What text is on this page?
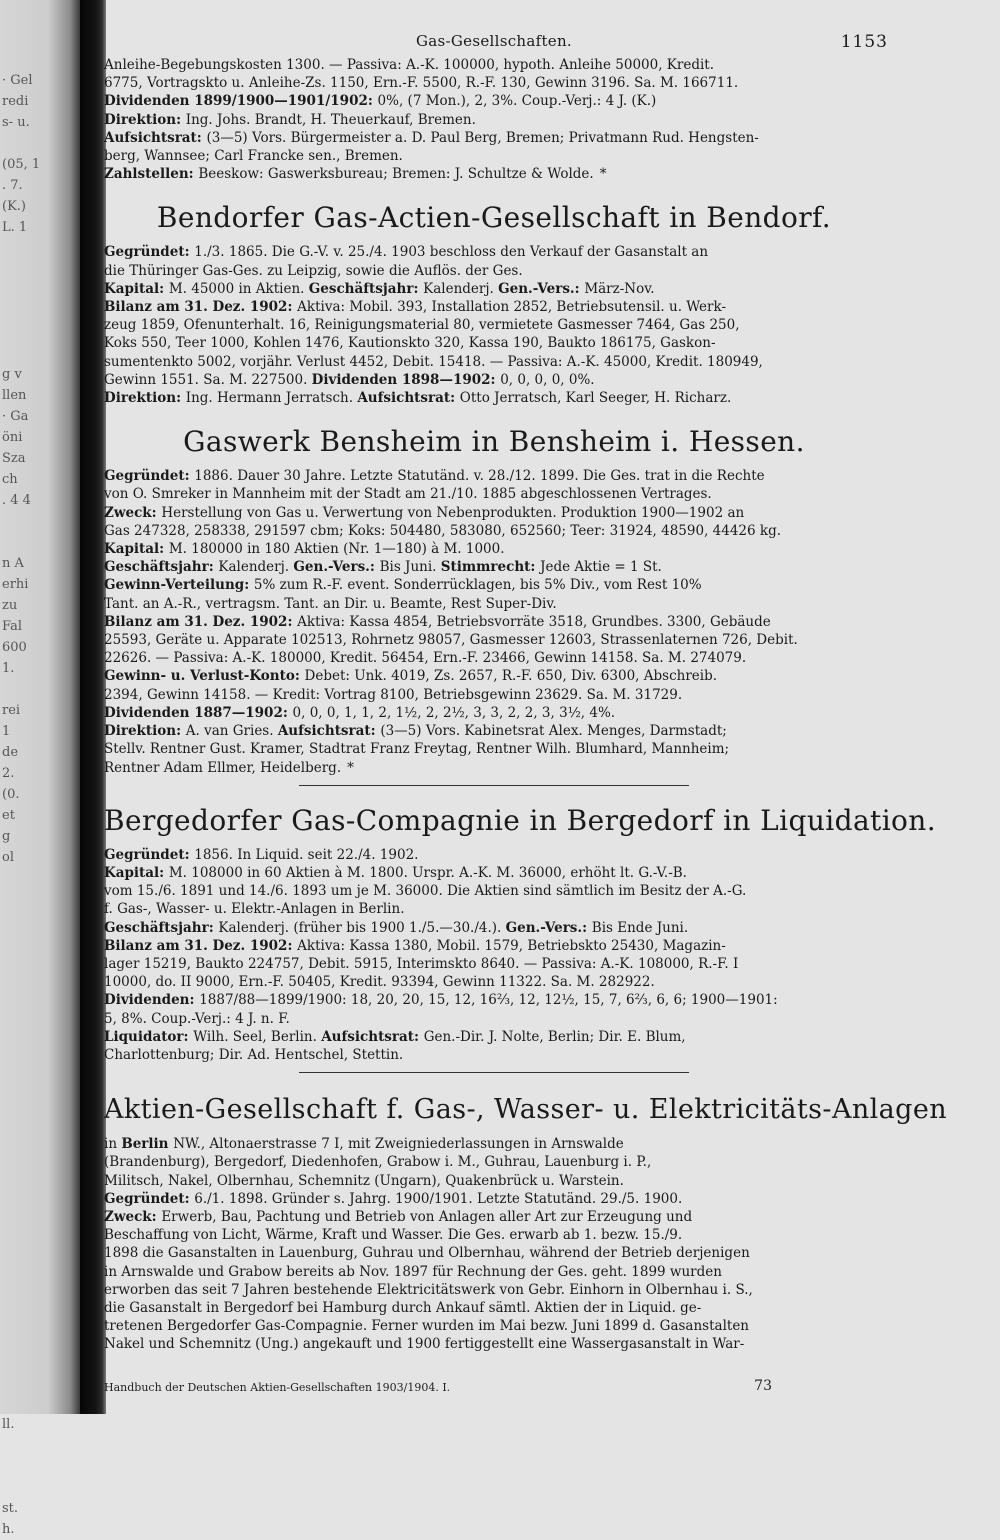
· Gel
redi
s- u.

(05, 1
. 7.
(K.)
L. 1

g v
llen
· Ga
öni
Sza
ch
. 4 4

n A
erhi
zu
Fal
600
1.

rei
1
de
2.
(0.
et
g
ol

ll.

st.
h.
Gas-Gesellschaften.	1153

Anleihe-Begebungskosten 1300. — Passiva: A.-K. 100000, hypoth. Anleihe 50000, Kredit.

6775, Vortragskto u. Anleihe-Zs. 1150, Ern.-F. 5500, R.-F. 130, Gewinn 3196. Sa. M. 166711.

Dividenden 1899/1900—1901/1902: 0%, (7 Mon.), 2, 3%. Coup.-Verj.: 4 J. (K.)

Direktion: Ing. Johs. Brandt, H. Theuerkauf, Bremen.

Aufsichtsrat: (3—5) Vors. Bürgermeister a. D. Paul Berg, Bremen; Privatmann Rud. Hengsten-

berg, Wannsee; Carl Francke sen., Bremen.

Zahlstellen: Beeskow: Gaswerksbureau; Bremen: J. Schultze & Wolde. *

Bendorfer Gas-Actien-Gesellschaft in Bendorf.

Gegründet: 1./3. 1865. Die G.-V. v. 25./4. 1903 beschloss den Verkauf der Gasanstalt an

die Thüringer Gas-Ges. zu Leipzig, sowie die Auflös. der Ges.

Kapital: M. 45000 in Aktien. Geschäftsjahr: Kalenderj. Gen.-Vers.: März-Nov.

Bilanz am 31. Dez. 1902: Aktiva: Mobil. 393, Installation 2852, Betriebsutensil. u. Werk-

zeug 1859, Ofenunterhalt. 16, Reinigungsmaterial 80, vermietete Gasmesser 7464, Gas 250,

Koks 550, Teer 1000, Kohlen 1476, Kautionskto 320, Kassa 190, Baukto 186175, Gaskon-

sumentenkto 5002, vorjähr. Verlust 4452, Debit. 15418. — Passiva: A.-K. 45000, Kredit. 180949,

Gewinn 1551. Sa. M. 227500. Dividenden 1898—1902: 0, 0, 0, 0, 0%.

Direktion: Ing. Hermann Jerratsch. Aufsichtsrat: Otto Jerratsch, Karl Seeger, H. Richarz.

Gaswerk Bensheim in Bensheim i. Hessen.

Gegründet: 1886. Dauer 30 Jahre. Letzte Statutänd. v. 28./12. 1899. Die Ges. trat in die Rechte

von O. Smreker in Mannheim mit der Stadt am 21./10. 1885 abgeschlossenen Vertrages.

Zweck: Herstellung von Gas u. Verwertung von Nebenprodukten. Produktion 1900—1902 an

Gas 247328, 258338, 291597 cbm; Koks: 504480, 583080, 652560; Teer: 31924, 48590, 44426 kg.

Kapital: M. 180000 in 180 Aktien (Nr. 1—180) à M. 1000.

Geschäftsjahr: Kalenderj. Gen.-Vers.: Bis Juni. Stimmrecht: Jede Aktie = 1 St.

Gewinn-Verteilung: 5% zum R.-F. event. Sonderrücklagen, bis 5% Div., vom Rest 10%

Tant. an A.-R., vertragsm. Tant. an Dir. u. Beamte, Rest Super-Div.

Bilanz am 31. Dez. 1902: Aktiva: Kassa 4854, Betriebsvorräte 3518, Grundbes. 3300, Gebäude

25593, Geräte u. Apparate 102513, Rohrnetz 98057, Gasmesser 12603, Strassenlaternen 726, Debit.

22626. — Passiva: A.-K. 180000, Kredit. 56454, Ern.-F. 23466, Gewinn 14158. Sa. M. 274079.

Gewinn- u. Verlust-Konto: Debet: Unk. 4019, Zs. 2657, R.-F. 650, Div. 6300, Abschreib.

2394, Gewinn 14158. — Kredit: Vortrag 8100, Betriebsgewinn 23629. Sa. M. 31729.

Dividenden 1887—1902: 0, 0, 0, 1, 1, 2, 1½, 2, 2½, 3, 3, 2, 2, 3, 3½, 4%.

Direktion: A. van Gries. Aufsichtsrat: (3—5) Vors. Kabinetsrat Alex. Menges, Darmstadt;

Stellv. Rentner Gust. Kramer, Stadtrat Franz Freytag, Rentner Wilh. Blumhard, Mannheim;

Rentner Adam Ellmer, Heidelberg. *

Bergedorfer Gas-Compagnie in Bergedorf in Liquidation.

Gegründet: 1856. In Liquid. seit 22./4. 1902.

Kapital: M. 108000 in 60 Aktien à M. 1800. Urspr. A.-K. M. 36000, erhöht lt. G.-V.-B.

vom 15./6. 1891 und 14./6. 1893 um je M. 36000. Die Aktien sind sämtlich im Besitz der A.-G.

f. Gas-, Wasser- u. Elektr.-Anlagen in Berlin.

Geschäftsjahr: Kalenderj. (früher bis 1900 1./5.—30./4.). Gen.-Vers.: Bis Ende Juni.

Bilanz am 31. Dez. 1902: Aktiva: Kassa 1380, Mobil. 1579, Betriebskto 25430, Magazin-

lager 15219, Baukto 224757, Debit. 5915, Interimskto 8640. — Passiva: A.-K. 108000, R.-F. I

10000, do. II 9000, Ern.-F. 50405, Kredit. 93394, Gewinn 11322. Sa. M. 282922.

Dividenden: 1887/88—1899/1900: 18, 20, 20, 15, 12, 16⅔, 12, 12½, 15, 7, 6⅔, 6, 6; 1900—1901:

5, 8%. Coup.-Verj.: 4 J. n. F.

Liquidator: Wilh. Seel, Berlin. Aufsichtsrat: Gen.-Dir. J. Nolte, Berlin; Dir. E. Blum,

Charlottenburg; Dir. Ad. Hentschel, Stettin.

Aktien-Gesellschaft f. Gas-, Wasser- u. Elektricitäts-Anlagen

in Berlin NW., Altonaerstrasse 7 I, mit Zweigniederlassungen in Arnswalde

(Brandenburg), Bergedorf, Diedenhofen, Grabow i. M., Guhrau, Lauenburg i. P.,

Militsch, Nakel, Olbernhau, Schemnitz (Ungarn), Quakenbrück u. Warstein.

Gegründet: 6./1. 1898. Gründer s. Jahrg. 1900/1901. Letzte Statutänd. 29./5. 1900.

Zweck: Erwerb, Bau, Pachtung und Betrieb von Anlagen aller Art zur Erzeugung und

Beschaffung von Licht, Wärme, Kraft und Wasser. Die Ges. erwarb ab 1. bezw. 15./9.

1898 die Gasanstalten in Lauenburg, Guhrau und Olbernhau, während der Betrieb derjenigen

in Arnswalde und Grabow bereits ab Nov. 1897 für Rechnung der Ges. geht. 1899 wurden

erworben das seit 7 Jahren bestehende Elektricitätswerk von Gebr. Einhorn in Olbernhau i. S.,

die Gasanstalt in Bergedorf bei Hamburg durch Ankauf sämtl. Aktien der in Liquid. ge-

tretenen Bergedorfer Gas-Compagnie. Ferner wurden im Mai bezw. Juni 1899 d. Gasanstalten

Nakel und Schemnitz (Ung.) angekauft und 1900 fertiggestellt eine Wassergasanstalt in War-

Handbuch der Deutschen Aktien-Gesellschaften 1903/1904. I.	73
